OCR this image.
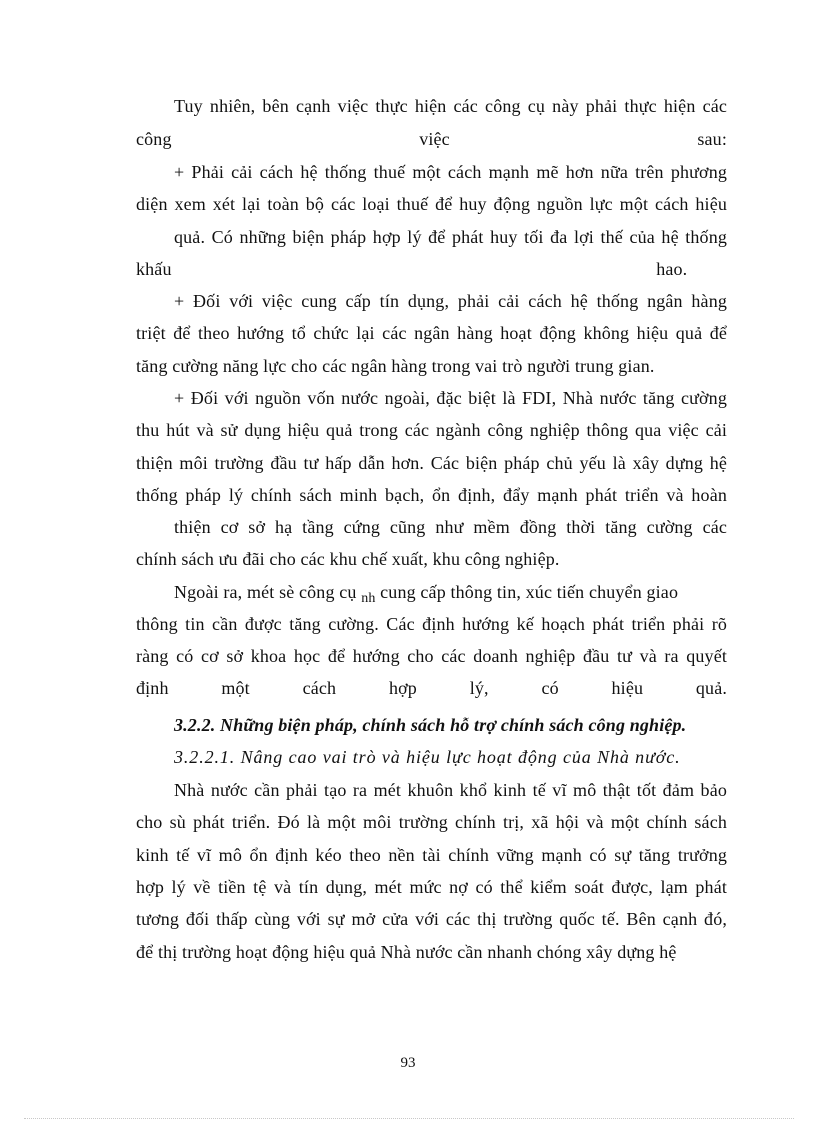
Tuy nhiên, bên cạnh việc thực hiện các công cụ này phải thực hiện các
công việc sau:
+ Phải cải cách hệ thống thuế một cách mạnh mẽ hơn nữa trên phương
diện xem xét lại toàn bộ các loại thuế để huy động nguồn lực một cách hiệu
quả. Có những biện pháp hợp lý để phát huy tối đa lợi thế của hệ thống
khấu hao.
+ Đối với việc cung cấp tín dụng, phải cải cách hệ thống ngân hàng
triệt để theo hướng tổ chức lại các ngân hàng hoạt động không hiệu quả để
tăng cường năng lực cho các ngân hàng trong vai trò người trung gian.
+ Đối với nguồn vốn nước ngoài, đặc biệt là FDI, Nhà nước tăng cường
thu hút và sử dụng hiệu quả trong các ngành công nghiệp thông qua việc cải
thiện môi trường đầu tư hấp dẫn hơn. Các biện pháp chủ yếu là xây dựng hệ
thống pháp lý chính sách minh bạch, ổn định, đẩy mạnh phát triển và hoàn
thiện cơ sở hạ tầng cứng cũng như mềm đồng thời tăng cường các
chính sách ưu đãi cho các khu chế xuất, khu công nghiệp.
Ngoài ra, mét sè công cụ $_{nh}$ cung cấp thông tin, xúc tiến chuyển giao
thông tin cần được tăng cường. Các định hướng kế hoạch phát triển phải rõ
ràng có cơ sở khoa học để hướng cho các doanh nghiệp đầu tư và ra quyết
định một cách hợp lý, có hiệu quả.
3.2.2. Những biện pháp, chính sách hỗ trợ chính sách công nghiệp.
3.2.2.1. Nâng cao vai trò và hiệu lực hoạt động của Nhà nước.
Nhà nước cần phải tạo ra mét khuôn khổ kinh tế vĩ mô thật tốt đảm bảo
cho sù phát triển. Đó là một môi trường chính trị, xã hội và một chính sách
kinh tế vĩ mô ổn định kéo theo nền tài chính vững mạnh có sự tăng trưởng
hợp lý về tiền tệ và tín dụng, mét mức nợ có thể kiểm soát được, lạm phát
tương đối thấp cùng với sự mở cửa với các thị trường quốc tế. Bên cạnh đó,
để thị trường hoạt động hiệu quả Nhà nước cần nhanh chóng xây dựng hệ
93
